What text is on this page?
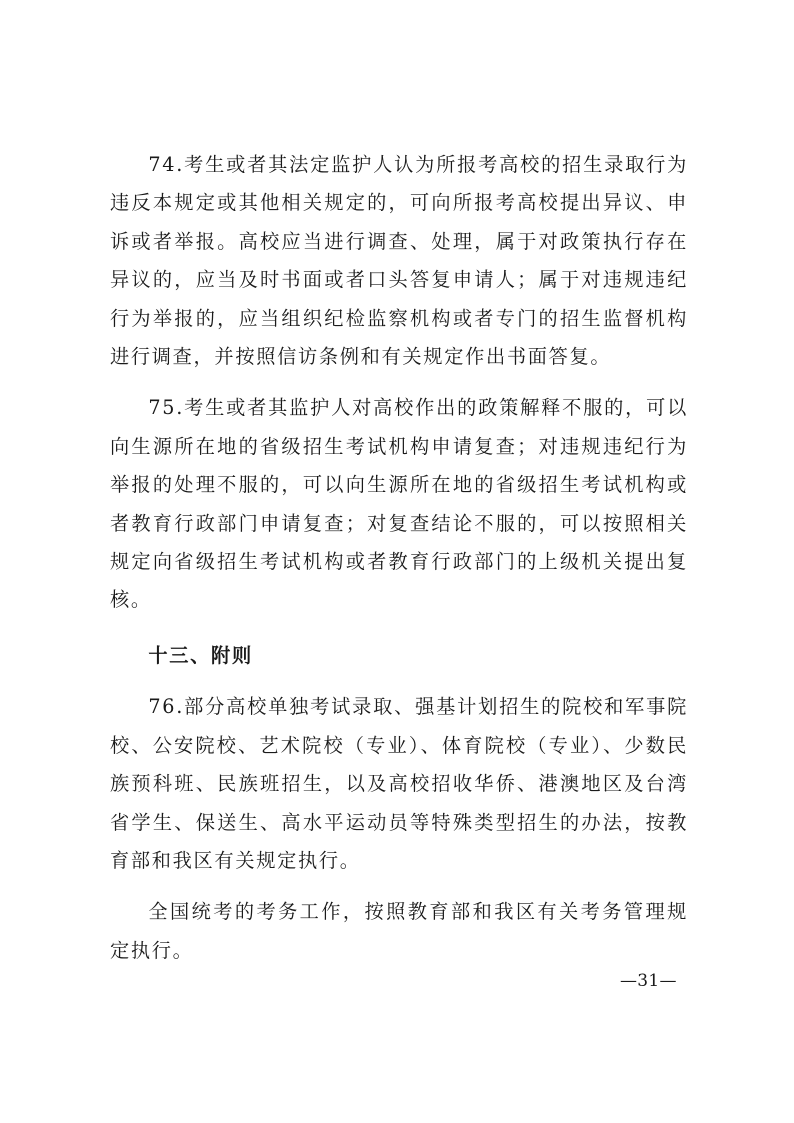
74.考生或者其法定监护人认为所报考高校的招生录取行为违反本规定或其他相关规定的，可向所报考高校提出异议、申诉或者举报。高校应当进行调查、处理，属于对政策执行存在异议的，应当及时书面或者口头答复申请人；属于对违规违纪行为举报的，应当组织纪检监察机构或者专门的招生监督机构进行调查，并按照信访条例和有关规定作出书面答复。

75.考生或者其监护人对高校作出的政策解释不服的，可以向生源所在地的省级招生考试机构申请复查；对违规违纪行为举报的处理不服的，可以向生源所在地的省级招生考试机构或者教育行政部门申请复查；对复查结论不服的，可以按照相关规定向省级招生考试机构或者教育行政部门的上级机关提出复核。

十三、附则

76.部分高校单独考试录取、强基计划招生的院校和军事院校、公安院校、艺术院校（专业）、体育院校（专业）、少数民族预科班、民族班招生，以及高校招收华侨、港澳地区及台湾省学生、保送生、高水平运动员等特殊类型招生的办法，按教育部和我区有关规定执行。

全国统考的考务工作，按照教育部和我区有关考务管理规定执行。

—31—
